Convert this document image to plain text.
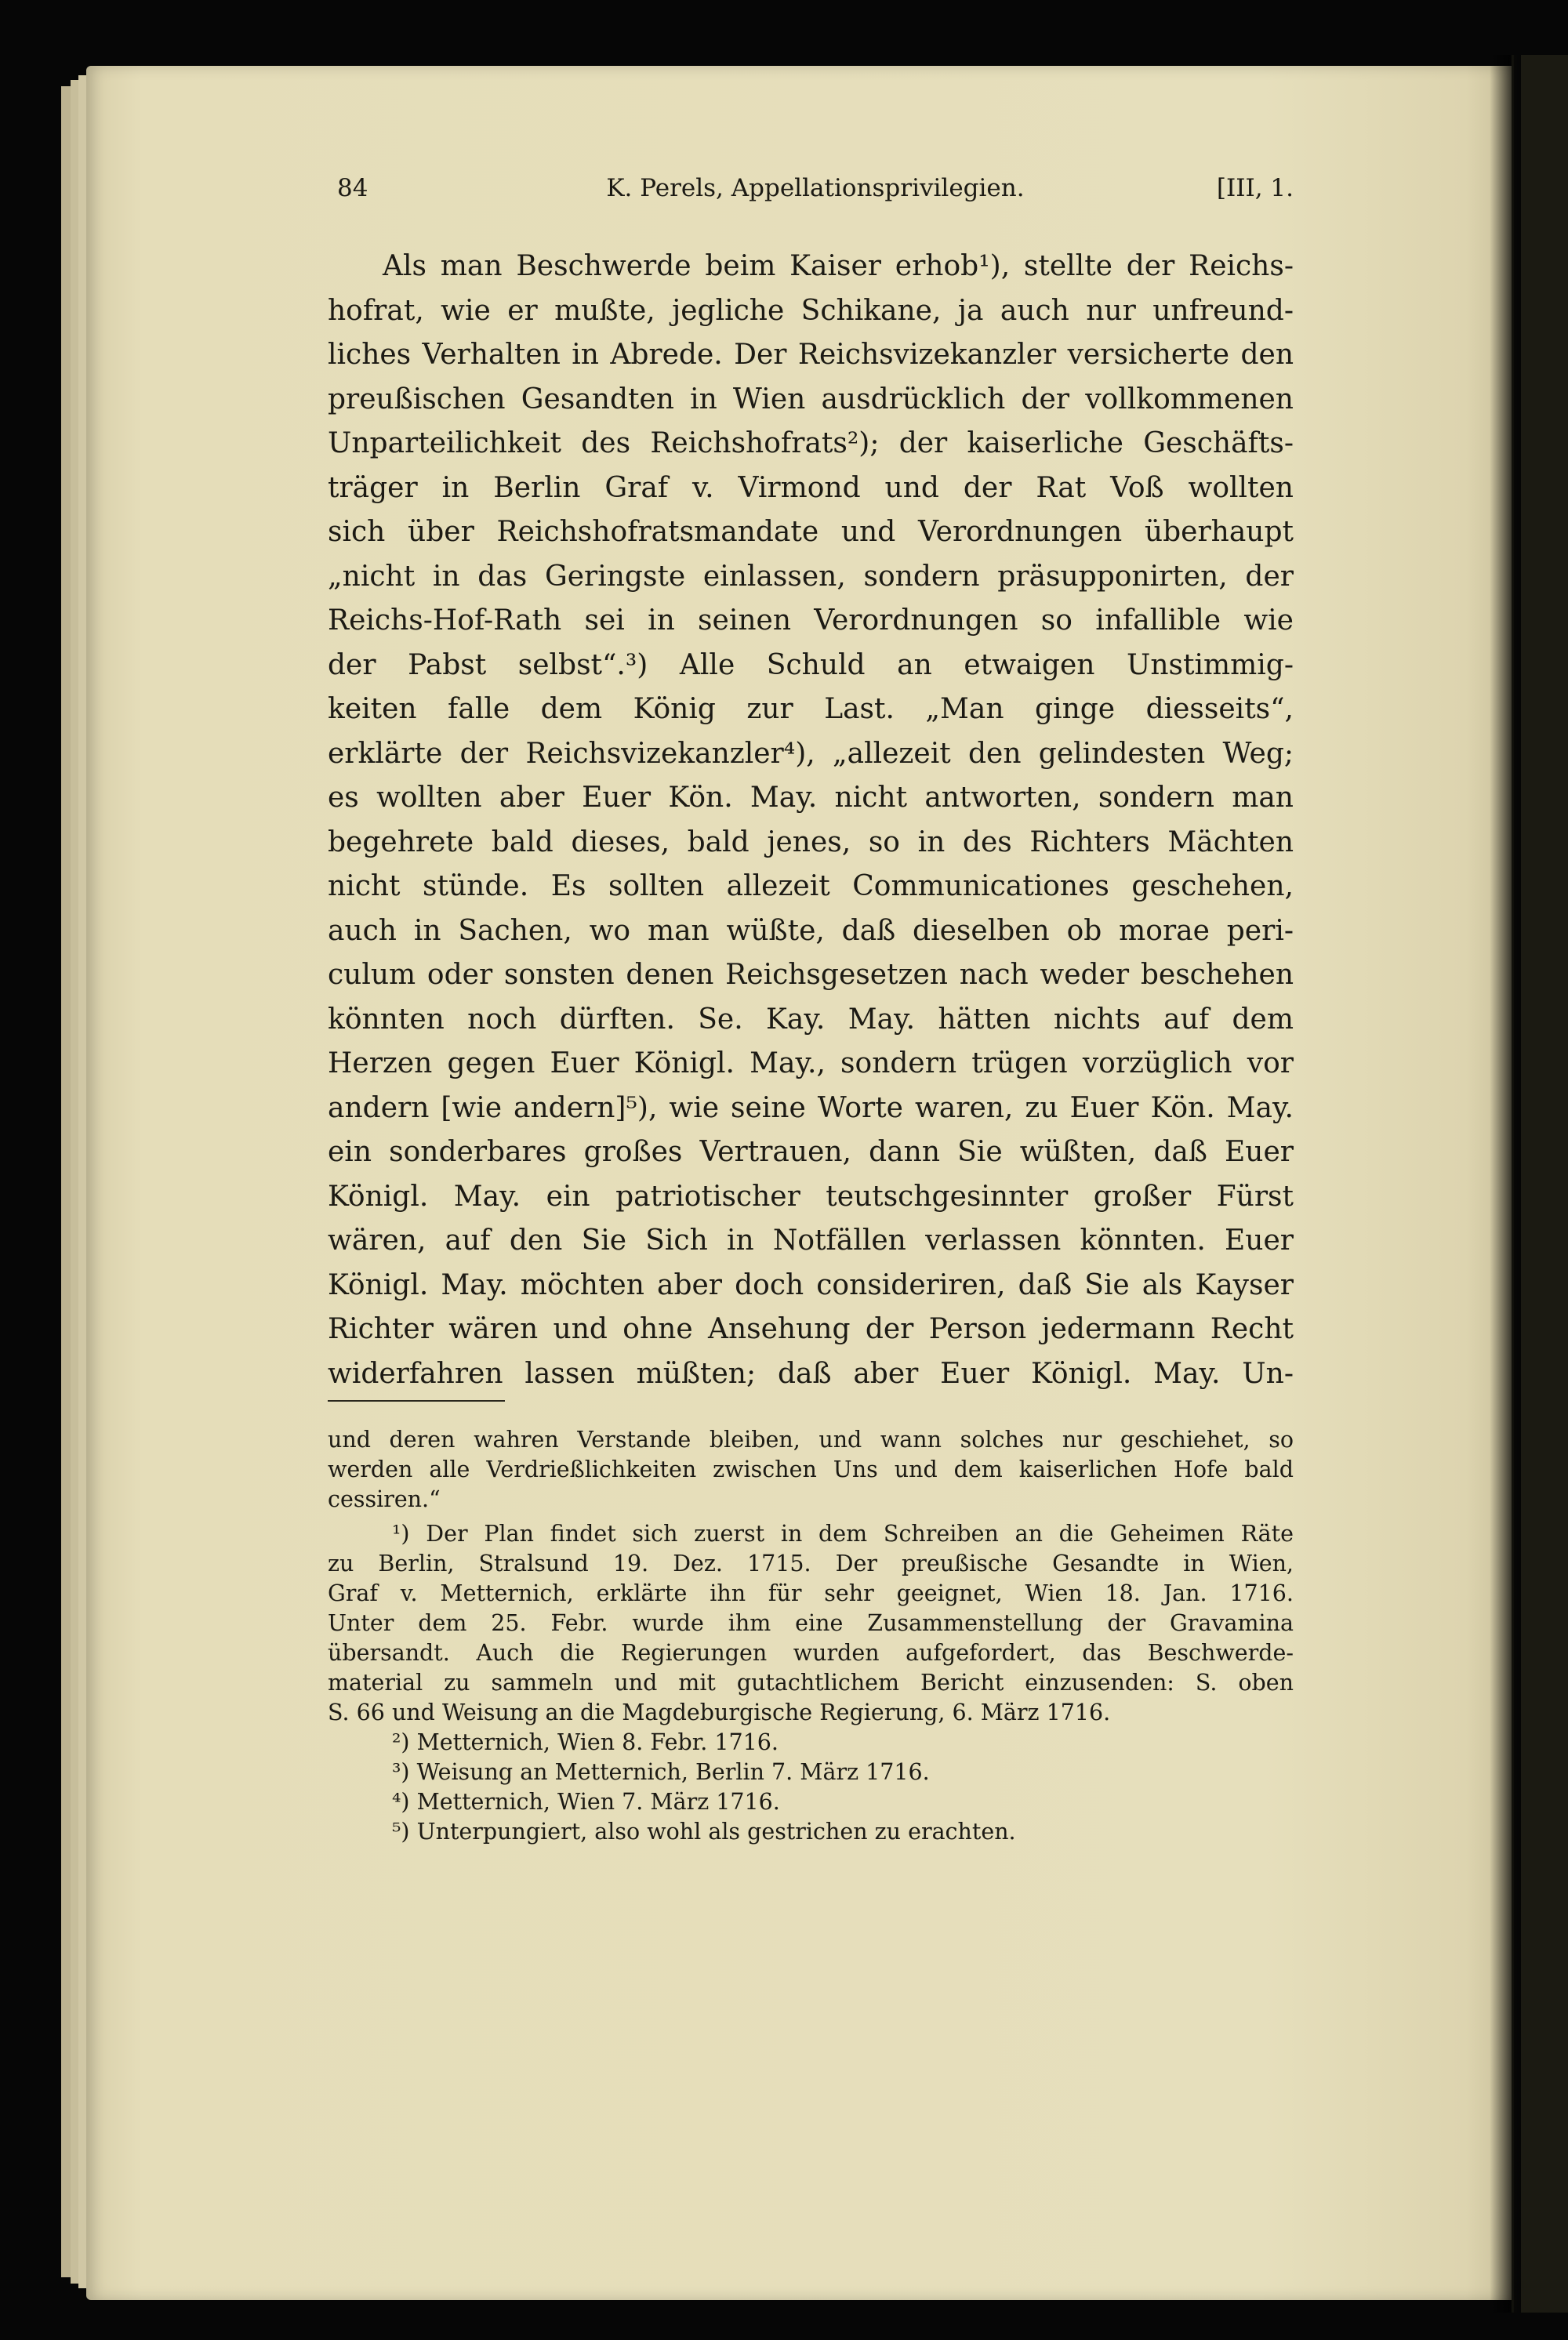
84	K. Perels, Appellationsprivilegien.	[III, 1.
Als man Beschwerde beim Kaiser erhob¹), stellte der Reichs-
hofrat, wie er mußte, jegliche Schikane, ja auch nur unfreund-
liches Verhalten in Abrede. Der Reichsvizekanzler versicherte den
preußischen Gesandten in Wien ausdrücklich der vollkommenen
Unparteilichkeit des Reichshofrats²); der kaiserliche Geschäfts-
träger in Berlin Graf v. Virmond und der Rat Voß wollten
sich über Reichshofratsmandate und Verordnungen überhaupt
„nicht in das Geringste einlassen, sondern präsupponirten, der
Reichs-Hof-Rath sei in seinen Verordnungen so infallible wie
der Pabst selbst“.³) Alle Schuld an etwaigen Unstimmig-
keiten falle dem König zur Last. „Man ginge diesseits“,
erklärte der Reichsvizekanzler⁴), „allezeit den gelindesten Weg;
es wollten aber Euer Kön. May. nicht antworten, sondern man
begehrete bald dieses, bald jenes, so in des Richters Mächten
nicht stünde. Es sollten allezeit Communicationes geschehen,
auch in Sachen, wo man wüßte, daß dieselben ob morae peri-
culum oder sonsten denen Reichsgesetzen nach weder beschehen
könnten noch dürften. Se. Kay. May. hätten nichts auf dem
Herzen gegen Euer Königl. May., sondern trügen vorzüglich vor
andern [wie andern]⁵), wie seine Worte waren, zu Euer Kön. May.
ein sonderbares großes Vertrauen, dann Sie wüßten, daß Euer
Königl. May. ein patriotischer teutschgesinnter großer Fürst
wären, auf den Sie Sich in Notfällen verlassen könnten. Euer
Königl. May. möchten aber doch consideriren, daß Sie als Kayser
Richter wären und ohne Ansehung der Person jedermann Recht
widerfahren lassen müßten; daß aber Euer Königl. May. Un-
und deren wahren Verstande bleiben, und wann solches nur geschiehet, so
werden alle Verdrießlichkeiten zwischen Uns und dem kaiserlichen Hofe bald
cessiren.“
¹) Der Plan findet sich zuerst in dem Schreiben an die Geheimen Räte
zu Berlin, Stralsund 19. Dez. 1715. Der preußische Gesandte in Wien,
Graf v. Metternich, erklärte ihn für sehr geeignet, Wien 18. Jan. 1716.
Unter dem 25. Febr. wurde ihm eine Zusammenstellung der Gravamina
übersandt. Auch die Regierungen wurden aufgefordert, das Beschwerde-
material zu sammeln und mit gutachtlichem Bericht einzusenden: S. oben
S. 66 und Weisung an die Magdeburgische Regierung, 6. März 1716.
²) Metternich, Wien 8. Febr. 1716.
³) Weisung an Metternich, Berlin 7. März 1716.
⁴) Metternich, Wien 7. März 1716.
⁵) Unterpungiert, also wohl als gestrichen zu erachten.
